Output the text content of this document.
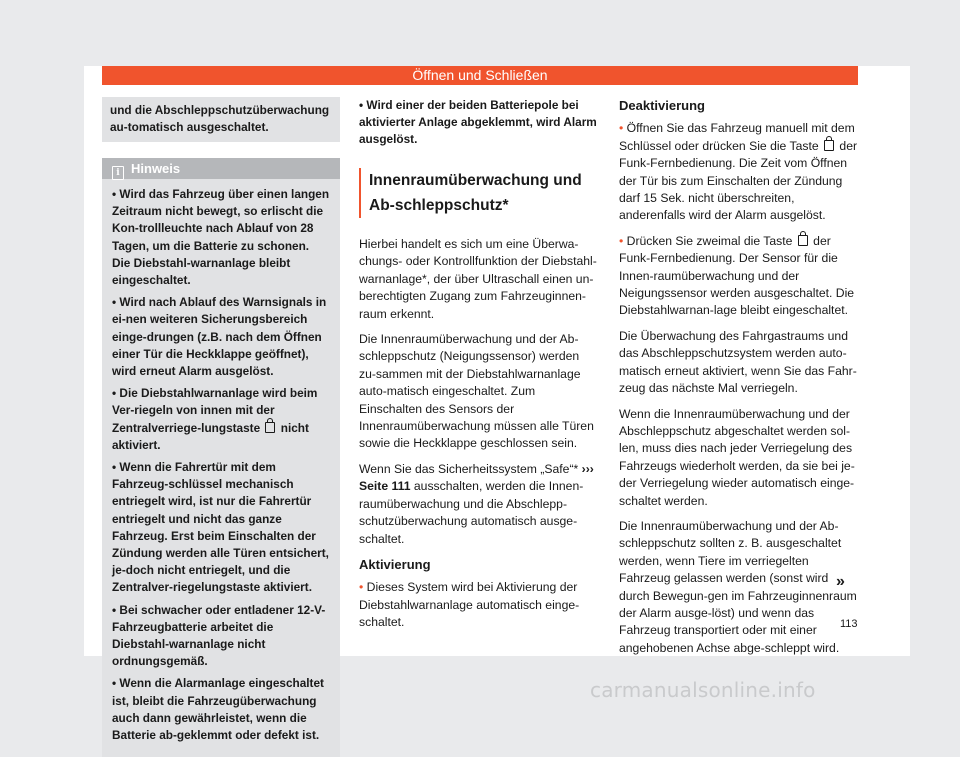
Öffnen und Schließen
und die Abschleppschutzüberwachung au-tomatisch ausgeschaltet.
i Hinweis
• Wird das Fahrzeug über einen langen Zeitraum nicht bewegt, so erlischt die Kon-trollleuchte nach Ablauf von 28 Tagen, um die Batterie zu schonen. Die Diebstahl-warnanlage bleibt eingeschaltet.
• Wird nach Ablauf des Warnsignals in ei-nen weiteren Sicherungsbereich einge-drungen (z.B. nach dem Öffnen einer Tür die Heckklappe geöffnet), wird erneut Alarm ausgelöst.
• Die Diebstahlwarnanlage wird beim Ver-riegeln von innen mit der Zentralverriege-lungstaste nicht aktiviert.
• Wenn die Fahrertür mit dem Fahrzeug-schlüssel mechanisch entriegelt wird, ist nur die Fahrertür entriegelt und nicht das ganze Fahrzeug. Erst beim Einschalten der Zündung werden alle Türen entsichert, je-doch nicht entriegelt, und die Zentralver-riegelungstaste aktiviert.
• Bei schwacher oder entladener 12-V-Fahrzeugbatterie arbeitet die Diebstahl-warnanlage nicht ordnungsgemäß.
• Wenn die Alarmanlage eingeschaltet ist, bleibt die Fahrzeugüberwachung auch dann gewährleistet, wenn die Batterie ab-geklemmt oder defekt ist.
• Wird einer der beiden Batteriepole bei aktivierter Anlage abgeklemmt, wird Alarm ausgelöst.
Innenraumüberwachung und Ab-schleppschutz*

Hierbei handelt es sich um eine Überwa-chungs- oder Kontrollfunktion der Diebstahl-warnanlage*, der über Ultraschall einen un-berechtigten Zugang zum Fahrzeuginnen-raum erkennt.

Die Innenraumüberwachung und der Ab-schleppschutz (Neigungssensor) werden zu-sammen mit der Diebstahlwarnanlage auto-matisch eingeschaltet. Zum Einschalten des Sensors der Innenraumüberwachung müssen alle Türen sowie die Heckklappe geschlossen sein.

Wenn Sie das Sicherheitssystem „Safe“* ››› Seite 111 ausschalten, werden die Innen-raumüberwachung und die Abschlepp-schutzüberwachung automatisch ausge-schaltet.

Aktivierung

• Dieses System wird bei Aktivierung der Diebstahlwarnanlage automatisch einge-schaltet.

Deaktivierung

• Öffnen Sie das Fahrzeug manuell mit dem Schlüssel oder drücken Sie die Taste der Funk-Fernbedienung. Die Zeit vom Öffnen der Tür bis zum Einschalten der Zündung darf 15 Sek. nicht überschreiten, anderenfalls wird der Alarm ausgelöst.

• Drücken Sie zweimal die Taste der Funk-Fernbedienung. Der Sensor für die Innen-raumüberwachung und der Neigungssensor werden ausgeschaltet. Die Diebstahlwarnan-lage bleibt eingeschaltet.

Die Überwachung des Fahrgastraums und das Abschleppschutzsystem werden auto-matisch erneut aktiviert, wenn Sie das Fahr-zeug das nächste Mal verriegeln.

Wenn die Innenraumüberwachung und der Abschleppschutz abgeschaltet werden sol-len, muss dies nach jeder Verriegelung des Fahrzeugs wiederholt werden, da sie bei je-der Verriegelung wieder automatisch einge-schaltet werden.

Die Innenraumüberwachung und der Ab-schleppschutz sollten z. B. ausgeschaltet werden, wenn Tiere im verriegelten Fahrzeug gelassen werden (sonst wird durch Bewegun-gen im Fahrzeuginnenraum der Alarm ausge-löst) und wenn das Fahrzeug transportiert oder mit einer angehobenen Achse abge-schleppt wird.

»
113
carmanualsonline.info
